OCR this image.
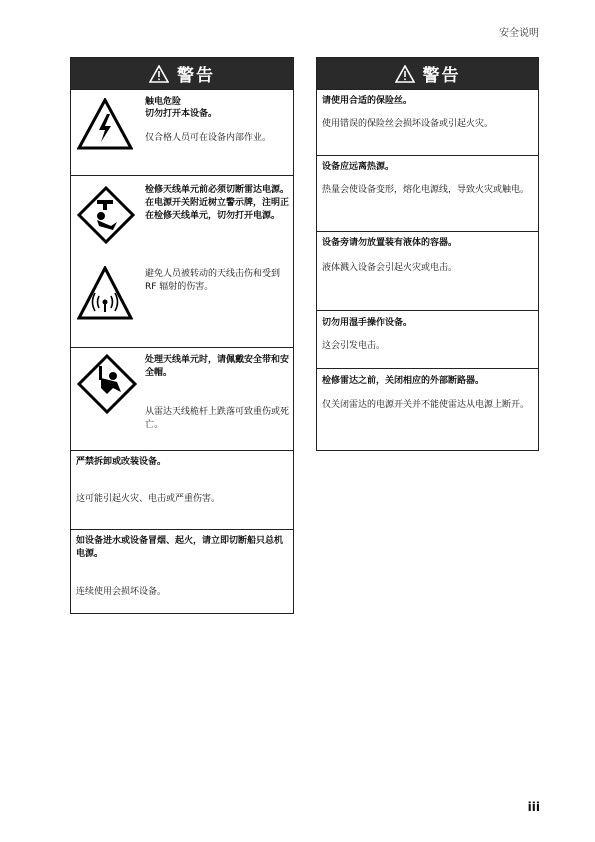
安全说明
警告
触电危险
切勿打开本设备。
仅合格人员可在设备内部作业。
检修天线单元前必须切断雷达电源。在电源开关附近树立警示牌，注明正在检修天线单元，切勿打开电源。
避免人员被转动的天线击伤和受到 RF 辐射的伤害。
处理天线单元时，请佩戴安全带和安全帽。
从雷达天线桅杆上跌落可致重伤或死亡。
严禁拆卸或改装设备。
这可能引起火灾、电击或严重伤害。
如设备进水或设备冒烟、起火，请立即切断船只总机电源。
连续使用会损坏设备。
警告
请使用合适的保险丝。
使用错误的保险丝会损坏设备或引起火灾。
设备应远离热源。
热量会使设备变形，熔化电源线，导致火灾或触电。
设备旁请勿放置装有液体的容器。
液体溅入设备会引起火灾或电击。
切勿用湿手操作设备。
这会引发电击。
检修雷达之前，关闭相应的外部断路器。
仅关闭雷达的电源开关并不能使雷达从电源上断开。
iii
